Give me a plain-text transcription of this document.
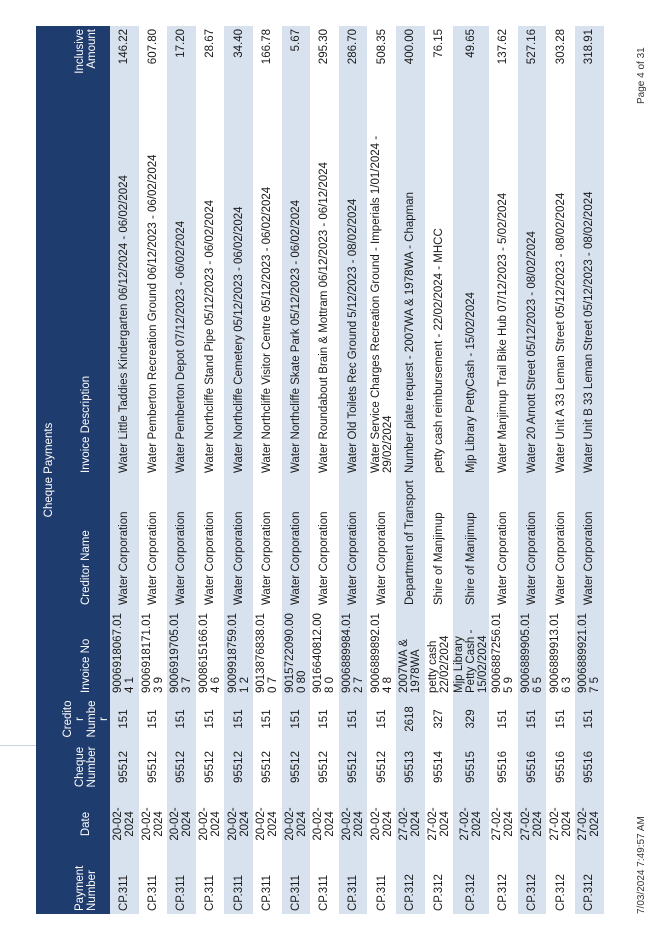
Cheque Payments							
Payment Number	Date	Cheque Number	Creditor Number	Invoice No	Creditor Name	Invoice Description	Inclusive Amount
CP.311	20-02-2024	95512	151	9006918067.014 1	Water Corporation	Water Little Taddies Kindergarten 06/12/2024 - 06/02/2024	146.22
CP.311	20-02-2024	95512	151	9006918171.013 9	Water Corporation	Water Pemberton Recreation Ground 06/12/2023 - 06/02/2024	607.80
CP.311	20-02-2024	95512	151	9006919705.013 7	Water Corporation	Water Pemberton Depot 07/12/2023 - 06/02/2024	17.20
CP.311	20-02-2024	95512	151	9008615166.014 6	Water Corporation	Water Northcliffe Stand Pipe 05/12/2023 - 06/02/2024	28.67
CP.311	20-02-2024	95512	151	9009918759.011 2	Water Corporation	Water Northcliffe Cemetery 05/12/2023 - 06/02/2024	34.40
CP.311	20-02-2024	95512	151	9013876838.010 7	Water Corporation	Water Northcliffe Visitor Centre 05/12/2023 - 06/02/2024	166.78
CP.311	20-02-2024	95512	151	9015722090.000 80	Water Corporation	Water Northcliffe Skate Park 05/12/2023 - 06/02/2024	5.67
CP.311	20-02-2024	95512	151	9016640812.008 0	Water Corporation	Water Roundabout Brain & Mottram 06/12/2023 - 06/12/2024	295.30
CP.311	20-02-2024	95512	151	9006889984.012 7	Water Corporation	Water Old Toilets Rec Ground 5/12/2023 - 08/02/2024	286.70
CP.311	20-02-2024	95512	151	9006889892.014 8	Water Corporation	Water Service Charges Recreation Ground - Imperials 1/01/2024 - 29/02/2024	508.35
CP.312	27-02-2024	95513	2618	2007WA & 1978WA	Department of Transport	Number plate request - 2007WA & 1978WA - Chapman	400.00
CP.312	27-02-2024	95514	327	petty cash 22/02/2024	Shire of Manjimup	petty cash reimbursement - 22/02/2024 - MHCC	76.15
CP.312	27-02-2024	95515	329	Mjp Library Petty Cash - 15/02/2024	Shire of Manjimup	Mjp Library PettyCash - 15/02/2024	49.65
CP.312	27-02-2024	95516	151	9006887256.015 9	Water Corporation	Water Manjimup Trail Bike Hub 07/12/2023 - 5/02/2024	137.62
CP.312	27-02-2024	95516	151	9006889905.016 5	Water Corporation	Water 20 Arnott Street 05/12/2023 - 08/02/2024	527.16
CP.312	27-02-2024	95516	151	9006889913.016 3	Water Corporation	Water Unit A 33 Leman Street 05/12/2023 - 08/02/2024	303.28
CP.312	27-02-2024	95516	151	9006889921.017 5	Water Corporation	Water Unit B 33 Leman Street 05/12/2023 - 08/02/2024	318.91
7/03/2024 7:49:57 AM
Page 4 of 31
